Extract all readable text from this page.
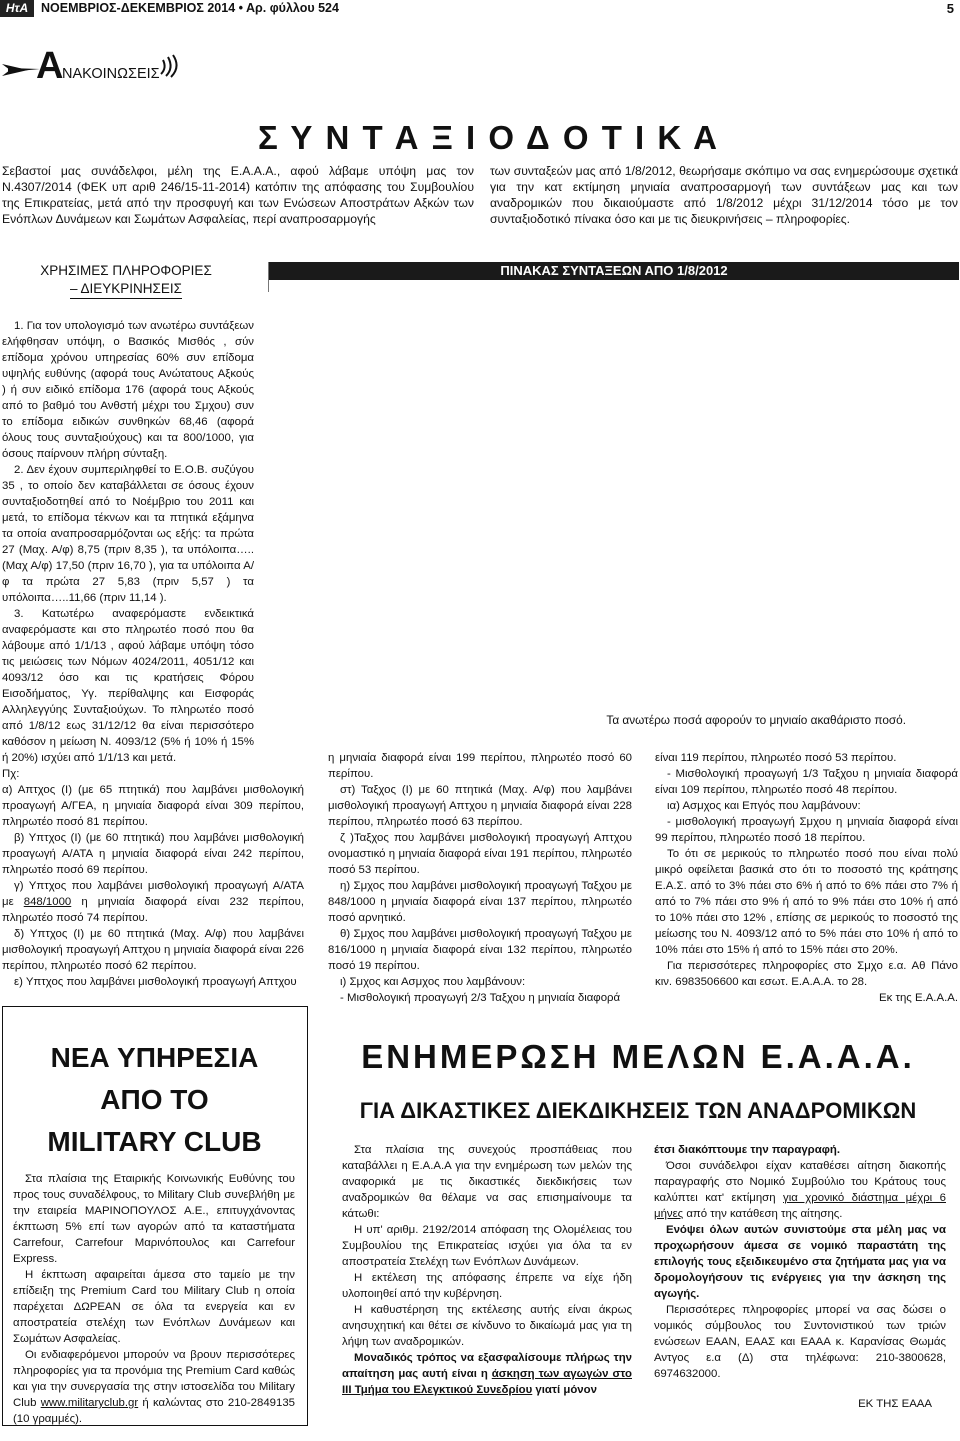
ΗτΑ	ΝΟΕΜΒΡΙΟΣ-ΔΕΚΕΜΒΡΙΟΣ 2014 • Αρ. φύλλου 524	5
Α
ΝΑΚΟΙΝΩΣΕΙΣ
Σ Υ Ν Τ Α Ξ Ι Ο Δ Ο Τ Ι Κ Α

Σεβαστοί μας συνάδελφοι, μέλη της Ε.Α.Α.Α., αφού λάβαμε υπόψη μας τον Ν.4307/2014 (ΦΕΚ υπ αριθ 246/15-11-2014) κατόπιν της απόφασης του Συμβουλίου της Επικρατείας, μετά από την προσφυγή και των Ενώσεων Αποστράτων Αξκών των Ενόπλων Δυνάμεων και Σωμάτων Ασφαλείας, περί αναπροσαρμογής

των συνταξεών μας από 1/8/2012, θεωρήσαμε σκόπιμο να σας ενημερώσουμε σχετικά για την κατ εκτίμηση μηνιαία αναπροσαρμογή των συντάξεων μας και των αναδρομικών που δικαιούμαστε από 1/8/2012 μέχρι 31/12/2014 τόσο με τον συνταξιοδοτικό πίνακα όσο και με τις διευκρινήσεις – πληροφορίες.

ΧΡΗΣΙΜΕΣ ΠΛΗΡΟΦΟΡΙΕΣ
– ΔΙΕΥΚΡΙΝΗΣΕΙΣ
ΠΙΝΑΚΑΣ ΣΥΝΤΑΞΕΩΝ ΑΠΟ 1/8/2012
Τα ανωτέρω ποσά αφορούν το μηνιαίο ακαθάριστο ποσό.

1. Για τον υπολογισμό των ανωτέρω συντάξεων ελήφθησαν υπόψη, ο Βασικός Μισθός , σύν επίδομα χρόνου υπηρεσίας 60% συν επίδομα υψηλής ευθύνης (αφορά τους Ανώτατους Αξκούς ) ή συν ειδικό επίδομα 176 (αφορά τους Αξκούς από το βαθμό του Ανθστή μέχρι του Σμχου) συν το επίδομα ειδικών συνθηκών 68,46 (αφορά όλους τους συνταξιούχους) και τα 800/1000, για όσους παίρνουν πλήρη σύνταξη.

2. Δεν έχουν συμπεριληφθεί το Ε.Ο.Β. συζύγου 35 , το οποίο δεν καταβάλλεται σε όσους έχουν συνταξιοδοτηθεί από το Νοέμβριο του 2011 και μετά, το επίδομα τέκνων και τα πτητικά εξάμηνα τα οποία αναπροσαρμόζονται ως εξής: τα πρώτα 27 (Μαχ. Α/φ) 8,75 (πριν 8,35 ), τα υπόλοιπα….. (Μαχ Α/φ) 17,50 (πριν 16,70 ), για τα υπόλοιπα Α/φ τα πρώτα 27 5,83 (πριν 5,57 ) τα υπόλοιπα…..11,66 (πριν 11,14 ).

3. Κατωτέρω αναφερόμαστε ενδεικτικά αναφερόμαστε και στο πληρωτέο ποσό που θα λάβουμε από 1/1/13 , αφού λάβαμε υπόψη τόσο τις μειώσεις των Νόμων 4024/2011, 4051/12 και 4093/12 όσο και τις κρατήσεις Φόρου Εισοδήματος, Υγ. περίθαλψης και Εισφοράς Αλληλεγγύης Συνταξιούχων. Το πληρωτέο ποσό από 1/8/12 εως 31/12/12 θα είναι περισσότερο καθόσον η μείωση Ν. 4093/12 (5% ή 10% ή 15% ή 20%) ισχύει από 1/1/13 και μετά.

Πχ:

α) Απτχος (Ι) (με 65 πτητικά) που λαμβάνει μισθολογική προαγωγή Α/ΓΕΑ, η μηνιαία διαφορά είναι 309 περίπου, πληρωτέο ποσό 81 περίπου.

β) Υπτχος (Ι) (με 60 πτητικά) που λαμβάνει μισθολογική προαγωγή Α/ΑΤΑ η μηνιαία διαφορά είναι 242 περίπου, πληρωτέο ποσό 69 περίπου.

γ) Υπτχος που λαμβάνει μισθολογική προαγωγή Α/ΑΤΑ με 848/1000 η μηνιαία διαφορά είναι 232 περίπου, πληρωτέο ποσό 74 περίπου.

δ) Υπτχος (Ι) με 60 πτητικά (Μαχ. Α/φ) που λαμβάνει μισθολογική προαγωγή Απτχου η μηνιαία διαφορά είναι 226 περίπου, πληρωτέο ποσό 62 περίπου.

ε) Υπτχος που λαμβάνει μισθολογική προαγωγή Απτχου

η μηνιαία διαφορά είναι 199 περίπου, πληρωτέο ποσό 60 περίπου.

στ) Ταξχος (Ι) με 60 πτητικά (Μαχ. Α/φ) που λαμβάνει μισθολογική προαγωγή Απτχου η μηνιαία διαφορά είναι 228 περίπου, πληρωτέο ποσό 63 περίπου.

ζ )Ταξχος που λαμβάνει μισθολογική προαγωγή Απτχου ονομαστικό η μηνιαία διαφορά είναι 191 περίπου, πληρωτέο ποσό 53 περίπου.

η) Σμχος που λαμβάνει μισθολογική προαγωγή Ταξχου με 848/1000 η μηνιαία διαφορά είναι 137 περίπου, πληρωτέο ποσό αρνητικό.

θ) Σμχος που λαμβάνει μισθολογική προαγωγή Ταξχου με 816/1000 η μηνιαία διαφορά είναι 132 περίπου, πληρωτέο ποσό 19 περίπου.

ι) Σμχος και Ασμχος που λαμβάνουν:

- Μισθολογική προαγωγή 2/3 Ταξχου η μηνιαία διαφορά

είναι 119 περίπου, πληρωτέο ποσό 53 περίπου.

- Μισθολογική προαγωγή 1/3 Ταξχου η μηνιαία διαφορά είναι 109 περίπου, πληρωτέο ποσό 48 περίπου.

ια) Ασμχος και Επγός που λαμβάνουν:

- μισθολογική προαγωγή Σμχου η μηνιαία διαφορά είναι 99 περίπου, πληρωτέο ποσό 18 περίπου.

Το ότι σε μερικούς το πληρωτέο ποσό που είναι πολύ μικρό οφείλεται βασικά στο ότι το ποσοστό της κράτησης Ε.Α.Σ. από το 3% πάει στο 6% ή από το 6% πάει στο 7% ή από το 7% πάει στο 9% ή από το 9% πάει στο 10% ή από το 10% πάει στο 12% , επίσης σε μερικούς το ποσοστό της μείωσης του Ν. 4093/12 από το 5% πάει στο 10% ή από το 10% πάει στο 15% ή από το 15% πάει στο 20%.

Για περισσότερες πληροφορίες στο Σμχο ε.α. Αθ Πάνο κιν. 6983506600 και εσωτ. Ε.Α.Α.Α. το 28.

Εκ της Ε.Α.Α.Α.

ΝΕΑ ΥΠΗΡΕΣΙΑ
ΑΠΟ ΤΟ
MILITARY CLUB

Στα πλαίσια της Εταιρικής Κοινωνικής Ευθύνης του προς τους συναδέλφους, το Military Club συνεβλήθη με την εταιρεία ΜΑΡΙΝΟΠΟΥΛΟΣ Α.Ε., επιτυγχάνοντας έκπτωση 5% επί των αγορών από τα καταστήματα Carrefour, Carrefour Μαρινόπουλος και Carrefour Express.

Η έκπτωση αφαιρείται άμεσα στο ταμείο με την επίδειξη της Premium Card του Military Club η οποία παρέχεται ΔΩΡΕΑΝ σε όλα τα ενεργεία και εν αποστρατεία στελέχη των Ενόπλων Δυνάμεων και Σωμάτων Ασφαλείας.

Οι ενδιαφερόμενοι μπορούν να βρουν περισσότερες πληροφορίες για τα προνόμια της Premium Card καθώς και για την συνεργασία της στην ιστοσελίδα του Military Club www.militaryclub.gr ή καλώντας στο 210-2849135 (10 γραμμές).

ΕΝΗΜΕΡΩΣΗ ΜΕΛΩΝ Ε.Α.Α.Α.
ΓΙΑ ΔΙΚΑΣΤΙΚΕΣ ΔΙΕΚΔΙΚΗΣΕΙΣ ΤΩΝ ΑΝΑΔΡΟΜΙΚΩΝ

Στα πλαίσια της συνεχούς προσπάθειας που καταβάλλει η Ε.Α.Α.Α για την ενημέρωση των μελών της αναφορικά με τις δικαστικές διεκδικήσεις των αναδρομικών θα θέλαμε να σας επισημαίνουμε τα κάτωθι:

Η υπ' αριθμ. 2192/2014 απόφαση της Ολομέλειας του Συμβουλίου της Επικρατείας ισχύει για όλα τα εν αποστρατεία Στελέχη των Ενόπλων Δυνάμεων.

Η εκτέλεση της απόφασης έπρεπε να είχε ήδη υλοποιηθεί από την κυβέρνηση.

Η καθυστέρηση της εκτέλεσης αυτής είναι άκρως ανησυχητική και θέτει σε κίνδυνο το δικαίωμά μας για τη λήψη των αναδρομικών.

Μοναδικός τρόπος να εξασφαλίσουμε πλήρως την απαίτηση μας αυτή είναι η άσκηση των αγωγών στο ΙΙΙ Τμήμα του Ελεγκτικού Συνεδρίου γιατί μόνον

έτσι διακόπτουμε την παραγραφή.

Όσοι συνάδελφοι είχαν καταθέσει αίτηση διακοπής παραγραφής στο Νομικό Συμβούλιο του Κράτους τους καλύπτει κατ' εκτίμηση για χρονικό διάστημα μέχρι 6 μήνες από την κατάθεση της αίτησης.

Ενόψει όλων αυτών συνιστούμε στα μέλη μας να προχωρήσουν άμεσα σε νομικό παραστάτη της επιλογής τους εξειδικευμένο στα ζητήματα μας για να δρομολογήσουν τις ενέργειες για την άσκηση της αγωγής.

Περισσότερες πληροφορίες μπορεί να σας δώσει ο νομικός σύμβουλος του Συντονιστικού των τριών ενώσεων ΕΑΑΝ, ΕΑΑΣ και ΕΑΑΑ κ. Καρανίσας Θωμάς Αντγος ε.α (Δ) στα τηλέφωνα: 210-3800628, 6974632000.

ΕΚ ΤΗΣ ΕΑΑΑ
